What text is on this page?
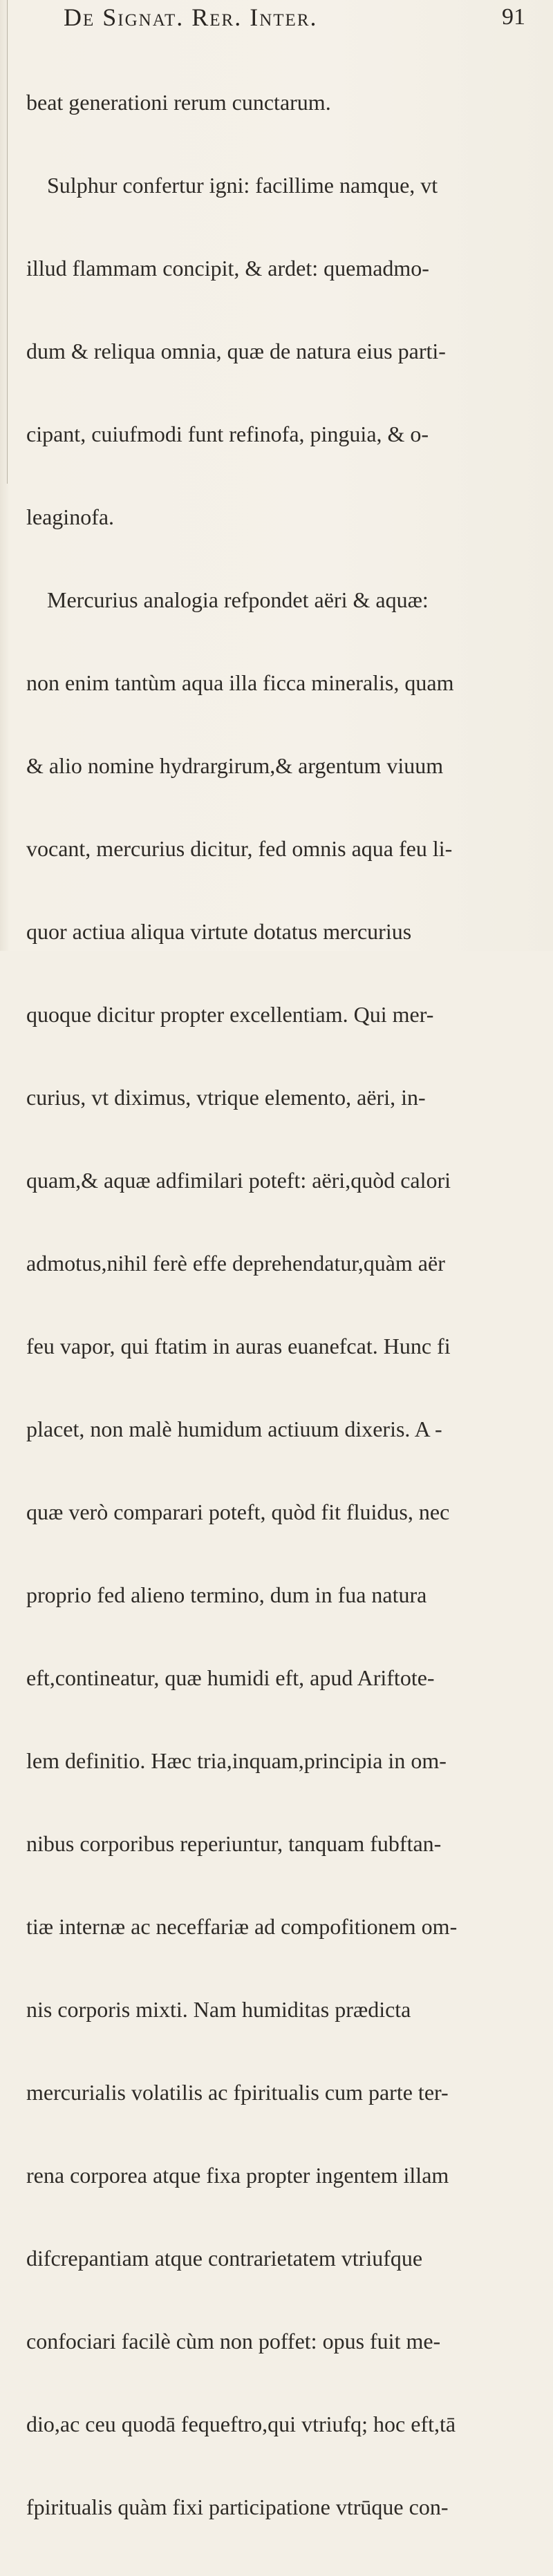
De Signat. Rer. Inter.	91

beat generationi rerum cunctarum.

Sulphur confertur igni: facillime namque, vt

illud flammam concipit, & ardet: quemadmo-

dum & reliqua omnia, quæ de natura eius parti-

cipant, cuiufmodi funt refinofa, pinguia, & o-

leaginofa.

Mercurius analogia refpondet aëri & aquæ:

non enim tantùm aqua illa ficca mineralis, quam

& alio nomine hydrargirum,& argentum viuum

vocant, mercurius dicitur, fed omnis aqua feu li-

quor actiua aliqua virtute dotatus mercurius

quoque dicitur propter excellentiam. Qui mer-

curius, vt diximus, vtrique elemento, aëri, in-

quam,& aquæ adfimilari poteft: aëri,quòd calori

admotus,nihil ferè effe deprehendatur,quàm aër

feu vapor, qui ftatim in auras euanefcat. Hunc fi

placet, non malè humidum actiuum dixeris. A -

quæ verò comparari poteft, quòd fit fluidus, nec

proprio fed alieno termino, dum in fua natura

eft,contineatur, quæ humidi eft, apud Ariftote-

lem definitio. Hæc tria,inquam,principia in om-

nibus corporibus reperiuntur, tanquam fubftan-

tiæ internæ ac neceffariæ ad compofitionem om-

nis corporis mixti. Nam humiditas prædicta

mercurialis volatilis ac fpiritualis cum parte ter-

rena corporea atque fixa propter ingentem illam

difcrepantiam atque contrarietatem vtriufque

confociari facilè cùm non poffet: opus fuit me-

dio,ac ceu quodā fequeftro,qui vtriufq; hoc eft,tā

fpiritualis quàm fixi participatione vtrūque con-
